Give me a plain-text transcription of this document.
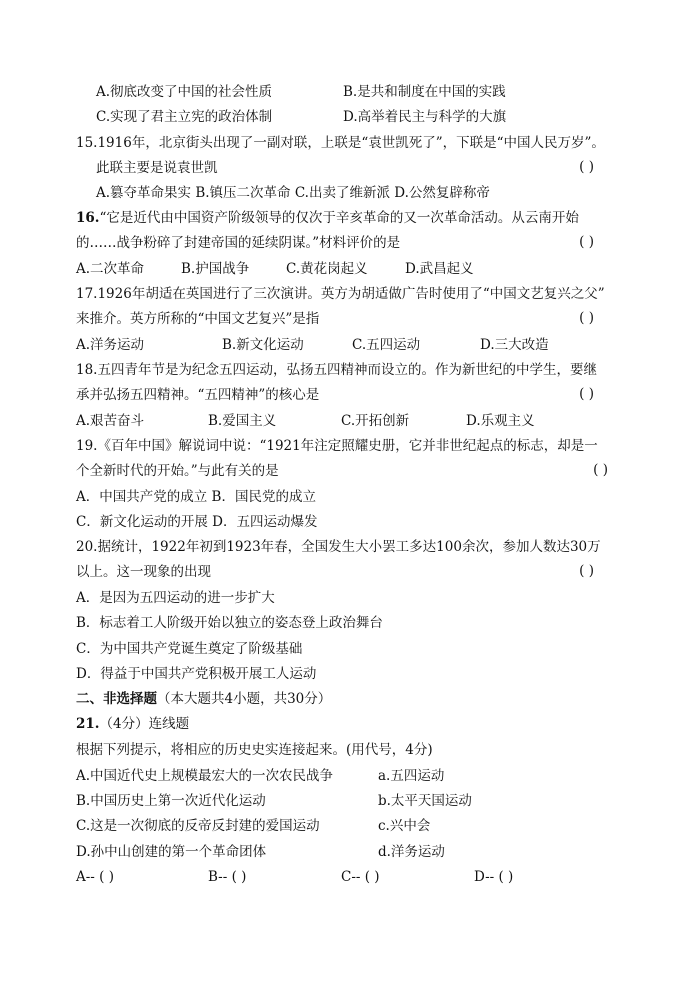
A.彻底改变了中国的社会性质	B.是共和制度在中国的实践
C.实现了君主立宪的政治体制	D.高举着民主与科学的大旗
15.1916年，北京街头出现了一副对联，上联是“袁世凯死了”，下联是“中国人民万岁”。
此联主要是说袁世凯	( )
A.篡夺革命果实 B.镇压二次革命 C.出卖了维新派 D.公然复辟称帝
16.“它是近代由中国资产阶级领导的仅次于辛亥革命的又一次革命活动。从云南开始
的……战争粉碎了封建帝国的延续阴谋。”材料评价的是	( )
A.二次革命	B.护国战争	C.黄花岗起义	D.武昌起义
17.1926年胡适在英国进行了三次演讲。英方为胡适做广告时使用了“中国文艺复兴之父”
来推介。英方所称的“中国文艺复兴”是指	( )
A.洋务运动	B.新文化运动	C.五四运动	D.三大改造
18.五四青年节是为纪念五四运动，弘扬五四精神而设立的。作为新世纪的中学生，要继
承并弘扬五四精神。“五四精神”的核心是	( )
A.艰苦奋斗	B.爱国主义	C.开拓创新	D.乐观主义
19.《百年中国》解说词中说：“1921年注定照耀史册，它并非世纪起点的标志，却是一
个全新时代的开始。”与此有关的是	( )
A．中国共产党的成立 B．国民党的成立
C．新文化运动的开展 D．五四运动爆发
20.据统计，1922年初到1923年春，全国发生大小罢工多达100余次，参加人数达30万
以上。这一现象的出现	( )
A．是因为五四运动的进一步扩大
B．标志着工人阶级开始以独立的姿态登上政治舞台
C．为中国共产党诞生奠定了阶级基础
D．得益于中国共产党积极开展工人运动
二、非选择题（本大题共4小题，共30分）
21.（4分）连线题
根据下列提示，将相应的历史史实连接起来。(用代号，4分)
A.中国近代史上规模最宏大的一次农民战争	a.五四运动
B.中国历史上第一次近代化运动	b.太平天国运动
C.这是一次彻底的反帝反封建的爱国运动	c.兴中会
D.孙中山创建的第一个革命团体	d.洋务运动
A-- ( )	B-- ( )	C-- ( )	D-- ( )
